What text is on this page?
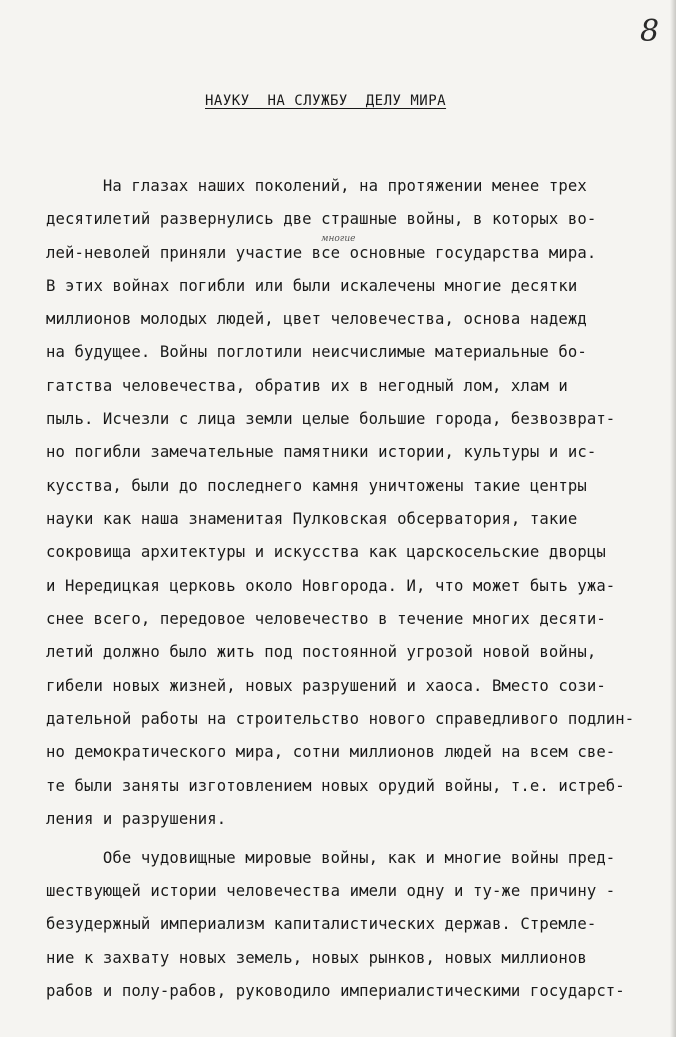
8
НАУКУ  НА СЛУЖБУ  ДЕЛУ МИРА
многие
На глазах наших поколений, на протяжении менее трех
десятилетий развернулись две страшные войны, в которых во-
лей-неволей приняли участие все основные государства мира.
В этих войнах погибли или были искалечены многие десятки
миллионов молодых людей, цвет человечества, основа надежд
на будущее. Войны поглотили неисчислимые материальные бо-
гатства человечества, обратив их в негодный лом, хлам и
пыль. Исчезли с лица земли целые большие города, безвозврат-
но погибли замечательные памятники истории, культуры и ис-
кусства, были до последнего камня уничтожены такие центры
науки как наша знаменитая Пулковская обсерватория, такие
сокровища архитектуры и искусства как царскосельские дворцы
и Нередицкая церковь около Новгорода. И, что может быть ужа-
снее всего, передовое человечество в течение многих десяти-
летий должно было жить под постоянной угрозой новой войны,
гибели новых жизней, новых разрушений и хаоса. Вместо сози-
дательной работы на строительство нового справедливого подлин-
но демократического мира, сотни миллионов людей на всем све-
те были заняты изготовлением новых орудий войны, т.е. истреб-
ления и разрушения.
Обе чудовищные мировые войны, как и многие войны пред-
шествующей истории человечества имели одну и ту-же причину -
безудержный империализм капиталистических держав. Стремле-
ние к захвату новых земель, новых рынков, новых миллионов
рабов и полу-рабов, руководило империалистическими государст-
